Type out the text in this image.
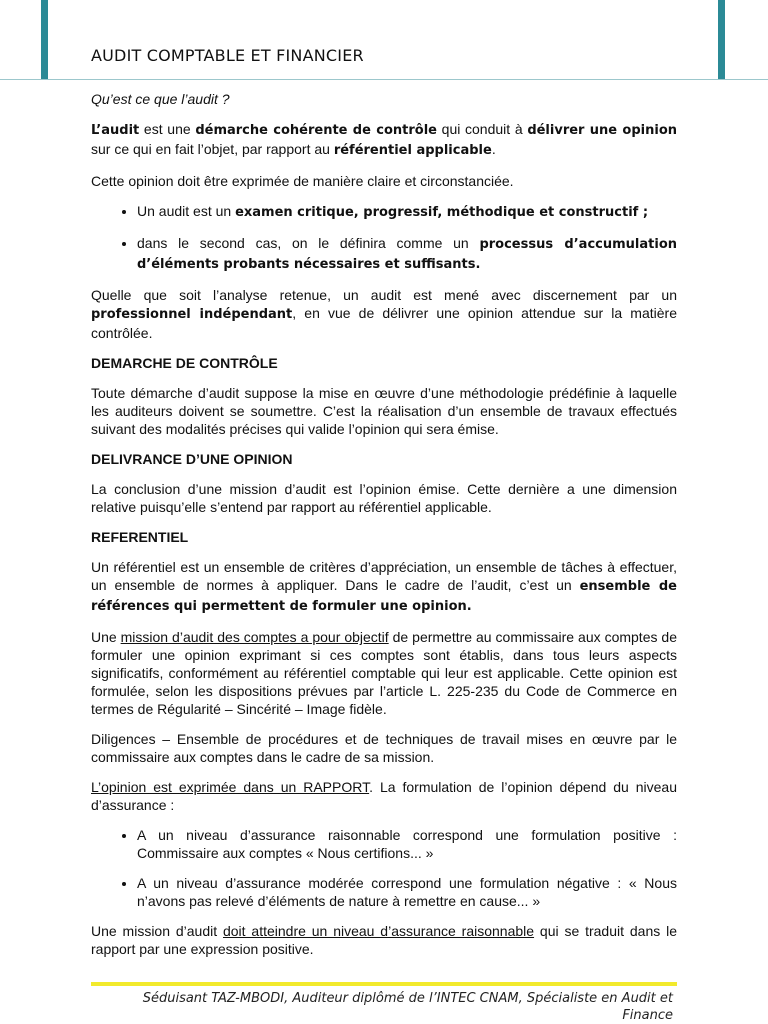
AUDIT COMPTABLE ET FINANCIER

Qu’est ce que l’audit ?

L’audit est une démarche cohérente de contrôle qui conduit à délivrer une opinion sur ce qui en fait l’objet, par rapport au référentiel applicable.

Cette opinion doit être exprimée de manière claire et circonstanciée.

• Un audit est un examen critique, progressif, méthodique et constructif ;
• dans le second cas, on le définira comme un processus d’accumulation d’éléments probants nécessaires et suffisants.

Quelle que soit l’analyse retenue, un audit est mené avec discernement par un professionnel indépendant, en vue de délivrer une opinion attendue sur la matière contrôlée.

DEMARCHE DE CONTRÔLE

Toute démarche d’audit suppose la mise en œuvre d’une méthodologie prédéfinie à laquelle les auditeurs doivent se soumettre. C’est la réalisation d’un ensemble de travaux effectués suivant des modalités précises qui valide l’opinion qui sera émise.

DELIVRANCE D’UNE OPINION

La conclusion d’une mission d’audit est l’opinion émise. Cette dernière a une dimension relative puisqu’elle s’entend par rapport au référentiel applicable.

REFERENTIEL

Un référentiel est un ensemble de critères d’appréciation, un ensemble de tâches à effectuer, un ensemble de normes à appliquer. Dans le cadre de l’audit, c’est un ensemble de références qui permettent de formuler une opinion.

Une mission d’audit des comptes a pour objectif de permettre au commissaire aux comptes de formuler une opinion exprimant si ces comptes sont établis, dans tous leurs aspects significatifs, conformément au référentiel comptable qui leur est applicable. Cette opinion est formulée, selon les dispositions prévues par l’article L. 225-235 du Code de Commerce en termes de Régularité – Sincérité – Image fidèle.

Diligences – Ensemble de procédures et de techniques de travail mises en œuvre par le commissaire aux comptes dans le cadre de sa mission.

L’opinion est exprimée dans un RAPPORT. La formulation de l’opinion dépend du niveau d’assurance :

• A un niveau d’assurance raisonnable correspond une formulation positive : Commissaire aux comptes « Nous certifions... »
• A un niveau d’assurance modérée correspond une formulation négative : « Nous n’avons pas relevé d’éléments de nature à remettre en cause... »

Une mission d’audit doit atteindre un niveau d’assurance raisonnable qui se traduit dans le rapport par une expression positive.

Séduisant TAZ-MBODI, Auditeur diplômé de l’INTEC CNAM, Spécialiste en Audit et
Finance
